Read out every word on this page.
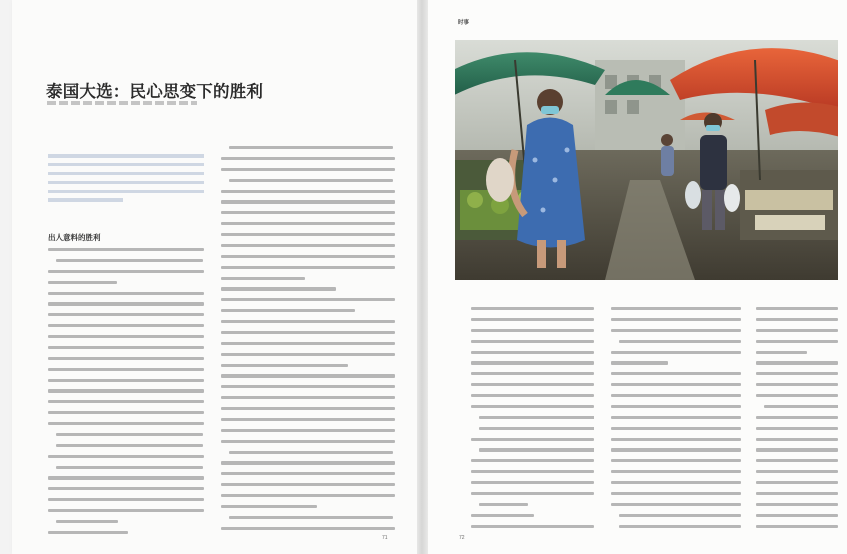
泰国大选：民心思变下的胜利
出人意料的胜利
71
时事
72
